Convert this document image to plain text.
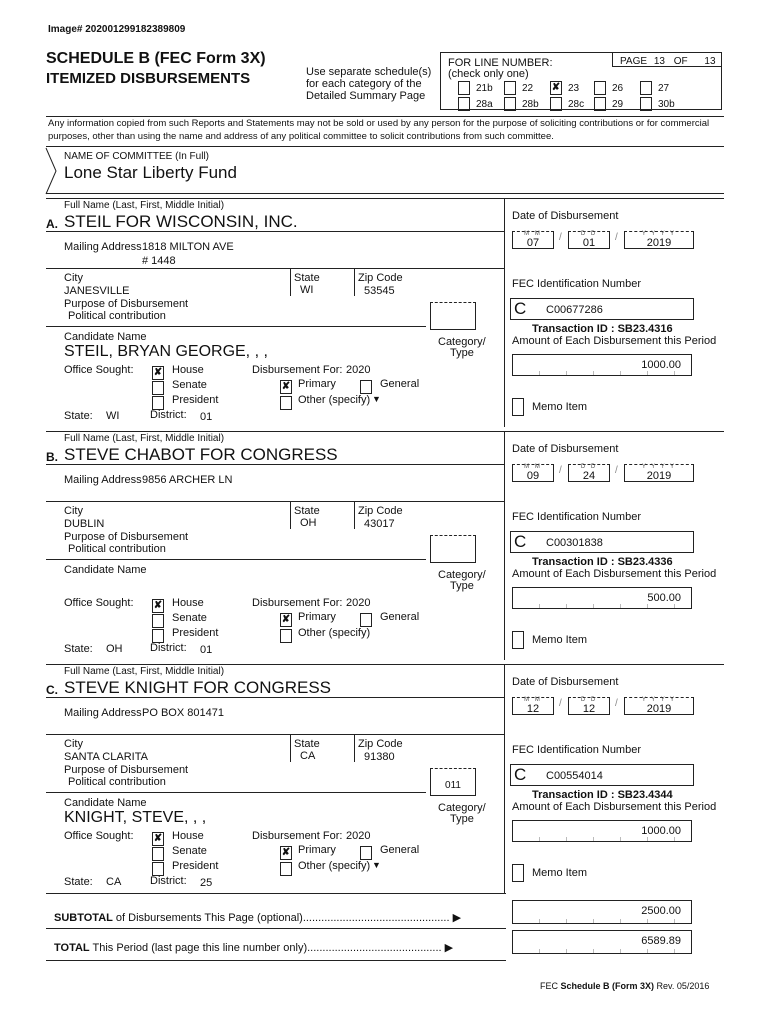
Image# 202001299182389809
SCHEDULE B (FEC Form 3X)
ITEMIZED DISBURSEMENTS	Use separate schedule(s)
for each category of the
Detailed Summary Page
FOR LINE NUMBER:
(check only one)
PAGE 13 OF 13
21b	22 ✘ 23	26	27
28a	28b	28c	29	30b
Any information copied from such Reports and Statements may not be sold or used by any person for the purpose of soliciting contributions or for commercial purposes, other than using the name and address of any political committee to solicit contributions from such committee.
NAME OF COMMITTEE (In Full)
Lone Star Liberty Fund
Full Name (Last, First, Middle Initial)
A. STEIL FOR WISCONSIN, INC.
Mailing Address 1818 MILTON AVE
# 1448
City
JANESVILLE
State
WI
Zip Code
53545
Purpose of Disbursement
Political contribution
Category/
Type
Candidate Name
STEIL, BRYAN GEORGE, , ,
Office Sought: ✘ House
Senate
President
Disbursement For: 2020
✘ Primary	General
Other (specify) ▼
State: WI	District: 01
Date of Disbursement
07
M M	/	01
D D	/	2019
Y Y Y Y
FEC Identification Number
C C00677286
Transaction ID : SB23.4316
Amount of Each Disbursement this Period
1000.00
Memo Item
Full Name (Last, First, Middle Initial)
B. STEVE CHABOT FOR CONGRESS
Mailing Address 9856 ARCHER LN
City
DUBLIN
State
OH
Zip Code
43017
Purpose of Disbursement
Political contribution
Category/
Type
Candidate Name
Office Sought: ✘ House
Senate
President
Disbursement For: 2020
✘ Primary	General
Other (specify)
State: OH	District: 01
Date of Disbursement
09
M M	/	24
D D	/	2019
Y Y Y Y
FEC Identification Number
C C00301838
Transaction ID : SB23.4336
Amount of Each Disbursement this Period
500.00
Memo Item
Full Name (Last, First, Middle Initial)
C. STEVE KNIGHT FOR CONGRESS
Mailing Address PO BOX 801471
City
SANTA CLARITA
State
CA
Zip Code
91380
Purpose of Disbursement
Political contribution	011
Category/
Type
Candidate Name
KNIGHT, STEVE, , ,
Office Sought: ✘ House
Senate
President
Disbursement For: 2020
✘ Primary	General
Other (specify) ▼
State: CA	District: 25
Date of Disbursement
12
M M	/	12
D D	/	2019
Y Y Y Y
FEC Identification Number
C C00554014
Transaction ID : SB23.4344
Amount of Each Disbursement this Period
1000.00
Memo Item
SUBTOTAL of Disbursements This Page (optional)................................................ ▶
2500.00
TOTAL This Period (last page this line number only)............................................ ▶
6589.89
FEC Schedule B (Form 3X) Rev. 05/2016
